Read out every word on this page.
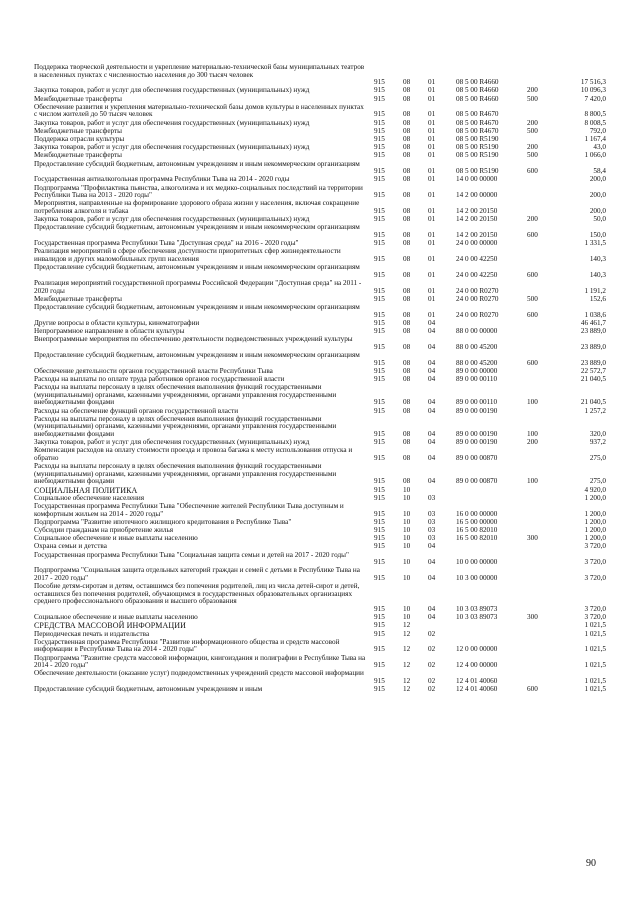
Поддержка творческой деятельности и укрепление материально-технической базы муниципальных театров в населенных пунктах с численностью населения до 300 тысяч человек
915	08	01	08 5 00 R4660	17 516,3
Закупка товаров, работ и услуг для обеспечения государственных (муниципальных) нужд	915	08	01	08 5 00 R4660	200	10 096,3
Межбюджетные трансферты	915	08	01	08 5 00 R4660	500	7 420,0
Обеспечение развития и укрепления материально-технической базы домов культуры в населенных пунктах с числом жителей до 50 тысяч человек	915	08	01	08 5 00 R4670	8 800,5
Закупка товаров, работ и услуг для обеспечения государственных (муниципальных) нужд	915	08	01	08 5 00 R4670	200	8 008,5
Межбюджетные трансферты	915	08	01	08 5 00 R4670	500	792,0
Поддержка отрасли культуры	915	08	01	08 5 00 R5190	1 167,4
Закупка товаров, работ и услуг для обеспечения государственных (муниципальных) нужд	915	08	01	08 5 00 R5190	200	43,0
Межбюджетные трансферты	915	08	01	08 5 00 R5190	500	1 066,0
Предоставление субсидий бюджетным, автономным учреждениям и иным некоммерческим организациям
915	08	01	08 5 00 R5190	600	58,4
Государственная антиалкогольная программа Республики Тыва на 2014 - 2020 годы	915	08	01	14 0 00 00000	200,0
Подпрограмма "Профилактика пьянства, алкоголизма и их медико-социальных последствий на территории Республики Тыва на 2013 - 2020 годы"	915	08	01	14 2 00 00000	200,0
Мероприятия, направленные на формирование здорового образа жизни у населения, включая сокращение потребления алкоголя и табака	915	08	01	14 2 00 20150	200,0
Закупка товаров, работ и услуг для обеспечения государственных (муниципальных) нужд	915	08	01	14 2 00 20150	200	50,0
Предоставление субсидий бюджетным, автономным учреждениям и иным некоммерческим организациям
915	08	01	14 2 00 20150	600	150,0
Государственная программа Республики Тыва "Доступная среда" на 2016 - 2020 годы"	915	08	01	24 0 00 00000	1 331,5
Реализация мероприятий в сфере обеспечения доступности приоритетных сфер жизнедеятельности инвалидов и других маломобильных групп населения	915	08	01	24 0 00 42250	140,3
Предоставление субсидий бюджетным, автономным учреждениям и иным некоммерческим организациям
915	08	01	24 0 00 42250	600	140,3
Реализация мероприятий государственной программы Российской Федерации "Доступная среда" на 2011 - 2020 годы	915	08	01	24 0 00 R0270	1 191,2
Межбюджетные трансферты	915	08	01	24 0 00 R0270	500	152,6
Предоставление субсидий бюджетным, автономным учреждениям и иным некоммерческим организациям
915	08	01	24 0 00 R0270	600	1 038,6
Другие вопросы в области культуры, кинематографии	915	08	04	46 461,7
Непрограммное направление в области культуры	915	08	04	88 0 00 00000	23 889,0
Внепрограммные мероприятия по обеспечению деятельности подведомственных учреждений культуры
915	08	04	88 0 00 45200	23 889,0
Предоставление субсидий бюджетным, автономным учреждениям и иным некоммерческим организациям
915	08	04	88 0 00 45200	600	23 889,0
Обеспечение деятельности органов государственной власти Республики Тыва	915	08	04	89 0 00 00000	22 572,7
Расходы на выплаты по оплате труда работников органов государственной власти	915	08	04	89 0 00 00110	21 040,5
Расходы на выплаты персоналу в целях обеспечения выполнения функций государственными (муниципальными) органами, казенными учреждениями, органами управления государственными внебюджетными фондами	915	08	04	89 0 00 00110	100	21 040,5
Расходы на обеспечение функций органов государственной власти	915	08	04	89 0 00 00190	1 257,2
Расходы на выплаты персоналу в целях обеспечения выполнения функций государственными (муниципальными) органами, казенными учреждениями, органами управления государственными внебюджетными фондами	915	08	04	89 0 00 00190	100	320,0
Закупка товаров, работ и услуг для обеспечения государственных (муниципальных) нужд	915	08	04	89 0 00 00190	200	937,2
Компенсация расходов на оплату стоимости проезда и провоза багажа к месту использования отпуска и обратно	915	08	04	89 0 00 00870	275,0
Расходы на выплаты персоналу в целях обеспечения выполнения функций государственными (муниципальными) органами, казенными учреждениями, органами управления государственными внебюджетными фондами	915	08	04	89 0 00 00870	100	275,0
СОЦИАЛЬНАЯ ПОЛИТИКА	915	10	4 920,0
Социальное обеспечение населения	915	10	03	1 200,0
Государственная программа Республики Тыва "Обеспечение жителей Республики Тыва доступным и комфортным жильем на 2014 - 2020 годы"	915	10	03	16 0 00 00000	1 200,0
Подпрограмма "Развитие ипотечного жилищного кредитования в Республике Тыва"	915	10	03	16 5 00 00000	1 200,0
Субсидии гражданам на приобретение жилья	915	10	03	16 5 00 82010	1 200,0
Социальное обеспечение и иные выплаты населению	915	10	03	16 5 00 82010	300	1 200,0
Охрана семьи и детства	915	10	04	3 720,0
Государственная программа Республики Тыва "Социальная защита семьи и детей на 2017 - 2020 годы"
915	10	04	10 0 00 00000	3 720,0
Подпрограмма "Социальная защита отдельных категорий граждан и семей с детьми в Республике Тыва на 2017 - 2020 годы"	915	10	04	10 3 00 00000	3 720,0
Пособие детям-сиротам и детям, оставшимся без попечения родителей, лиц из числа детей-сирот и детей, оставшихся без попечения родителей, обучающимся в государственных образовательных организациях среднего профессионального образования и высшего образования
915	10	04	10 3 03 89073	3 720,0
Социальное обеспечение и иные выплаты населению	915	10	04	10 3 03 89073	300	3 720,0
СРЕДСТВА МАССОВОЙ ИНФОРМАЦИИ	915	12	1 021,5
Периодическая печать и издательства	915	12	02	1 021,5
Государственная программа Республики "Развитие информационного общества и средств массовой информации в Республике Тыва на 2014 - 2020 годы"	915	12	02	12 0 00 00000	1 021,5
Подпрограмма "Развитие средств массовой информации, книгоиздания и полиграфии в Республике Тыва на 2014 - 2020 годы"	915	12	02	12 4 00 00000	1 021,5
Обеспечение деятельности (оказание услуг) подведомственных учреждений средств массовой информации
915	12	02	12 4 01 40060	1 021,5
Предоставление субсидий бюджетным, автономным учреждениям и иным	915	12	02	12 4 01 40060	600	1 021,5
90
